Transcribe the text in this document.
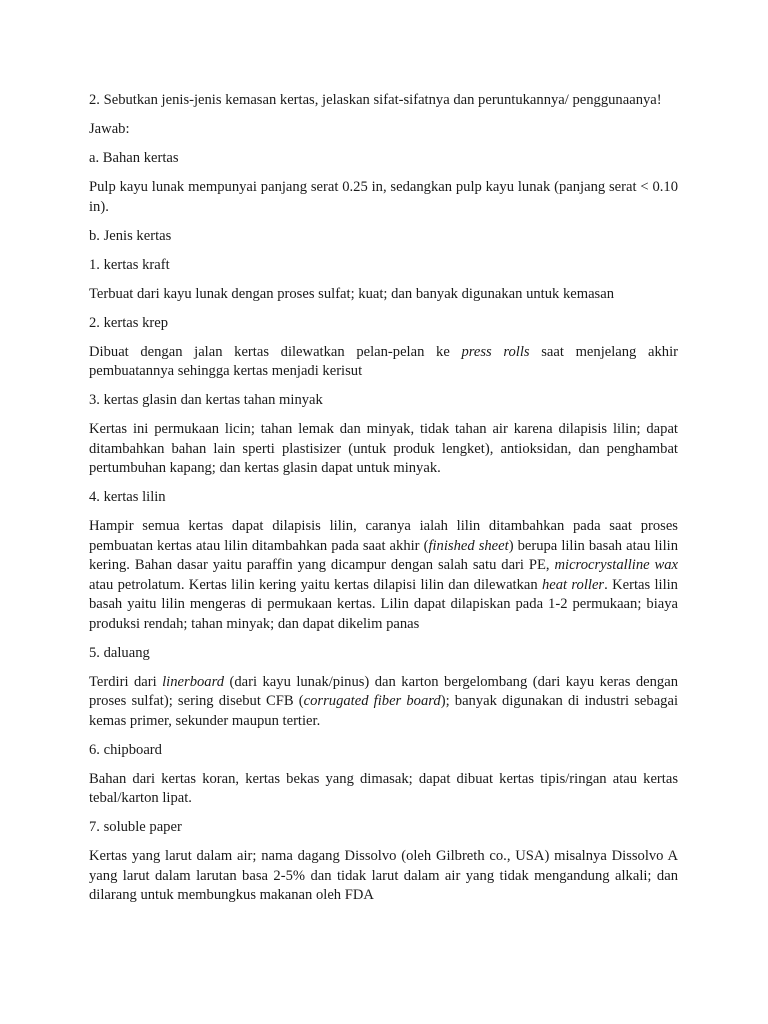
2. Sebutkan jenis-jenis kemasan kertas, jelaskan sifat-sifatnya dan peruntukannya/ penggunaanya!

Jawab:

a. Bahan kertas

Pulp kayu lunak mempunyai panjang serat 0.25 in, sedangkan pulp kayu lunak (panjang serat < 0.10 in).

b. Jenis kertas

1. kertas kraft

Terbuat dari kayu lunak dengan proses sulfat; kuat; dan banyak digunakan untuk kemasan

2. kertas krep

Dibuat dengan jalan kertas dilewatkan pelan-pelan ke press rolls saat menjelang akhir pembuatannya sehingga kertas menjadi kerisut

3. kertas glasin dan kertas tahan minyak

Kertas ini permukaan licin; tahan lemak dan minyak, tidak tahan air karena dilapisis lilin; dapat ditambahkan bahan lain sperti plastisizer (untuk produk lengket), antioksidan, dan penghambat pertumbuhan kapang; dan kertas glasin dapat untuk minyak.

4. kertas lilin

Hampir semua kertas dapat dilapisis lilin, caranya ialah lilin ditambahkan pada saat proses pembuatan kertas atau lilin ditambahkan pada saat akhir (finished sheet) berupa lilin basah atau lilin kering. Bahan dasar yaitu paraffin yang dicampur dengan salah satu dari PE, microcrystalline wax atau petrolatum. Kertas lilin kering yaitu kertas dilapisi lilin dan dilewatkan heat roller. Kertas lilin basah yaitu lilin mengeras di permukaan kertas. Lilin dapat dilapiskan pada 1-2 permukaan; biaya produksi rendah; tahan minyak; dan dapat dikelim panas

5. daluang

Terdiri dari linerboard (dari kayu lunak/pinus) dan karton bergelombang (dari kayu keras dengan proses sulfat); sering disebut CFB (corrugated fiber board); banyak digunakan di industri sebagai kemas primer, sekunder maupun tertier.

6. chipboard

Bahan dari kertas koran, kertas bekas yang dimasak; dapat dibuat kertas tipis/ringan atau kertas tebal/karton lipat.

7. soluble paper

Kertas yang larut dalam air; nama dagang Dissolvo (oleh Gilbreth co., USA) misalnya Dissolvo A yang larut dalam larutan basa 2-5% dan tidak larut dalam air yang tidak mengandung alkali; dan dilarang untuk membungkus makanan oleh FDA
